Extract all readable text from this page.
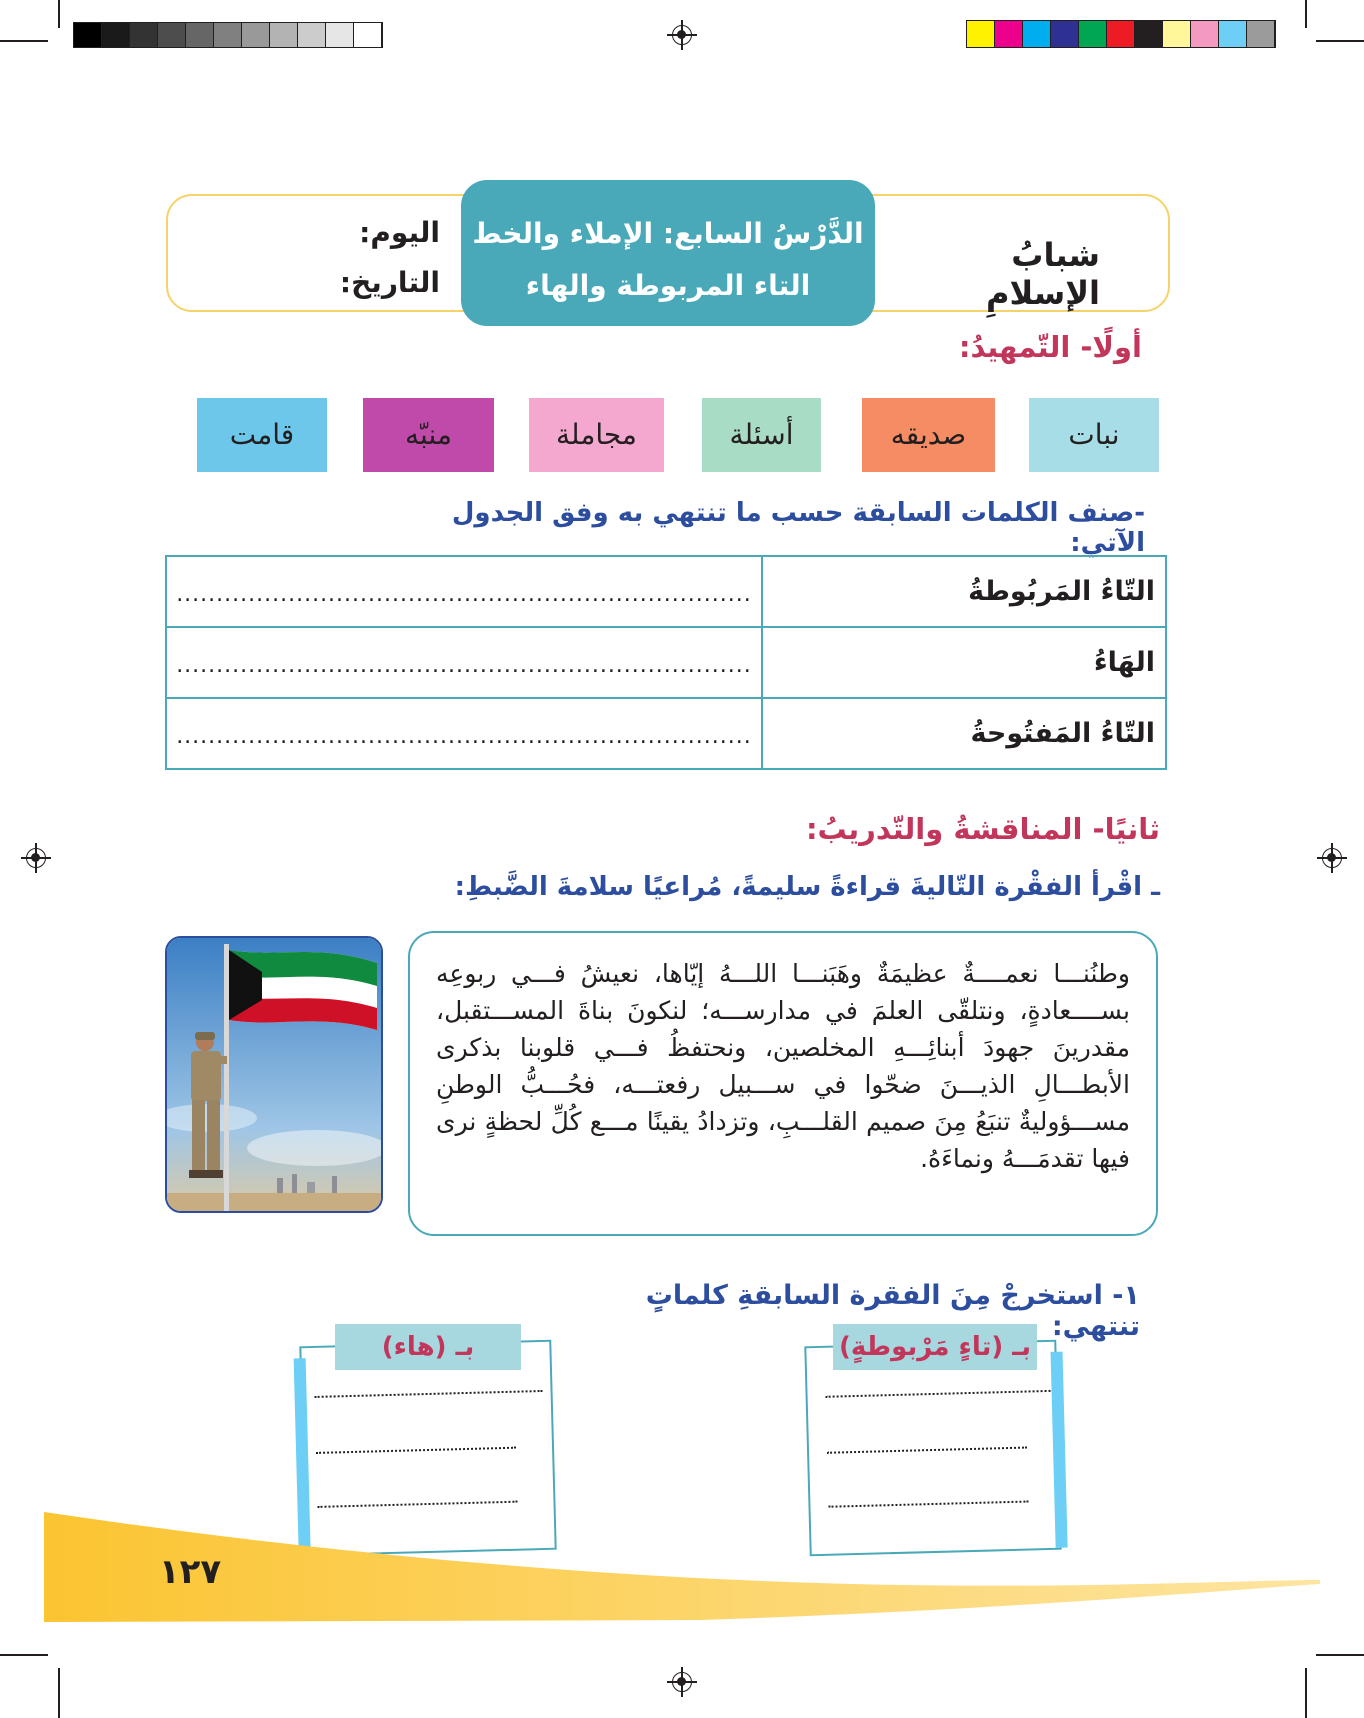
شبابُ الإسلامِ
الدَّرْسُ السابع: الإملاء والخط
التاء المربوطة والهاء
اليوم:
التاريخ:
أولًا- التّمهيدُ:
نبات
صديقه
أسئلة
مجاملة
منبّه
قامت
-صنف الكلمات السابقة حسب ما تنتهي به وفق الجدول الآتي:
التّاءُ المَربُوطةُ	........................................................................
الهَاءُ	........................................................................
التّاءُ المَفتُوحةُ	........................................................................
ثانيًا- المناقشةُ والتّدريبُ:
ـ اقْرأ الفقْرة التّاليةَ قراءةً سليمةً، مُراعيًا سلامةَ الضَّبطِ:
وطنُنـــا نعمــــةٌ عظيمَةٌ وهَبَنـــا اللـــهُ إيّاها، نعيشُ فـــي ربوعِه بســــعادةٍ، ونتلقّى العلمَ في مدارســـه؛ لنكونَ بناةَ المســـتقبل، مقدرينَ جهودَ أبنائِـــهِ المخلصين، ونحتفظُ فـــي قلوبنا بذكرى الأبطـــالِ الذيـــنَ ضحّوا في ســـبيل رفعتـــه، فحُـــبُّ الوطنِ مســـؤوليةٌ تنبَعُ مِنَ صميم القلـــبِ، وتزدادُ يقينًا مـــع كُلِّ لحظةٍ نرى فيها تقدمَـــهُ ونماءَهُ.
١- استخرجْ مِنَ الفقرة السابقةِ كلماتٍ تنتهي:
بـ (تاءٍ مَرْبوطةٍ)
بـ (هاء)
١٢٧
